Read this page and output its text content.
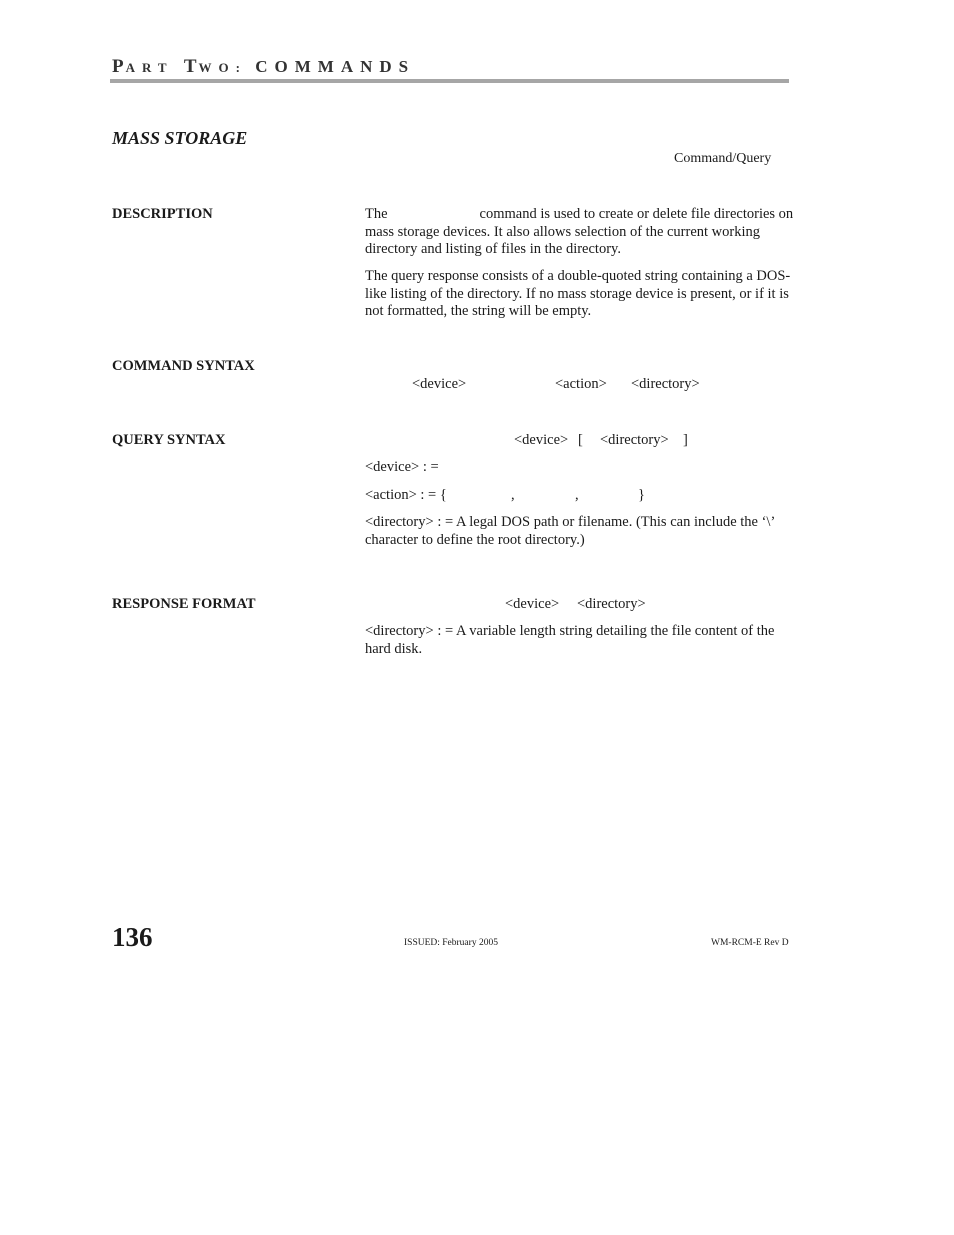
PART TWO: COMMANDS
MASS STORAGE
Command/Query
DESCRIPTION	The	command is used to create or delete file directories on mass storage devices. It also allows selection of the current working directory and listing of files in the directory.
The query response consists of a double-quoted string containing a DOS-like listing of the directory. If no mass storage device is present, or if it is not formatted, the string will be empty.
COMMAND SYNTAX
<device>	<action> <directory>
QUERY SYNTAX	<device> [ <directory> ]
<device> : =
<action> : = {	,	,	}
<directory> : = A legal DOS path or filename. (This can include the ‘\’ character to define the root directory.)
RESPONSE FORMAT	<device> <directory>
<directory> : = A variable length string detailing the file content of the hard disk.
136	ISSUED: February 2005	WM-RCM-E Rev D
